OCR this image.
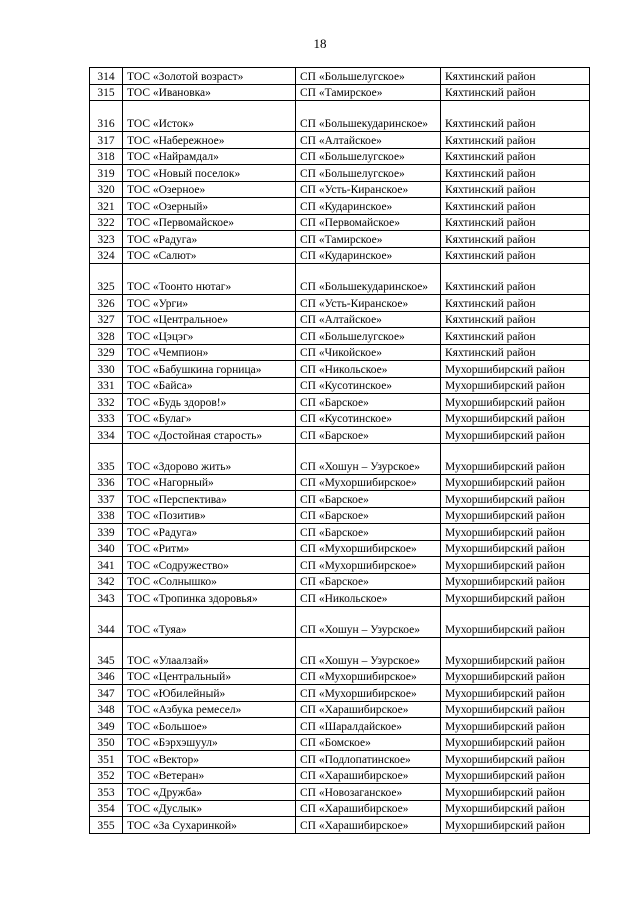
18
314	ТОС «Золотой возраст»	СП «Большелугское»	Кяхтинский район
315	ТОС «Ивановка»	СП «Тамирское»	Кяхтинский район
316	ТОС «Исток»	СП «Большекударинское»	Кяхтинский район
317	ТОС «Набережное»	СП «Алтайское»	Кяхтинский район
318	ТОС «Найрамдал»	СП «Большелугское»	Кяхтинский район
319	ТОС «Новый поселок»	СП «Большелугское»	Кяхтинский район
320	ТОС «Озерное»	СП «Усть-Киранское»	Кяхтинский район
321	ТОС «Озерный»	СП «Кударинское»	Кяхтинский район
322	ТОС «Первомайское»	СП «Первомайское»	Кяхтинский район
323	ТОС «Радуга»	СП «Тамирское»	Кяхтинский район
324	ТОС «Салют»	СП «Кударинское»	Кяхтинский район
325	ТОС «Тоонто нютаг»	СП «Большекударинское»	Кяхтинский район
326	ТОС «Урги»	СП «Усть-Киранское»	Кяхтинский район
327	ТОС «Центральное»	СП «Алтайское»	Кяхтинский район
328	ТОС «Цэцэг»	СП «Большелугское»	Кяхтинский район
329	ТОС «Чемпион»	СП «Чикойское»	Кяхтинский район
330	ТОС «Бабушкина горница»	СП «Никольское»	Мухоршибирский район
331	ТОС «Байса»	СП «Кусотинское»	Мухоршибирский район
332	ТОС «Будь здоров!»	СП «Барское»	Мухоршибирский район
333	ТОС «Булаг»	СП «Кусотинское»	Мухоршибирский район
334	ТОС «Достойная старость»	СП «Барское»	Мухоршибирский район
335	ТОС «Здорово жить»	СП «Хошун – Узурское»	Мухоршибирский район
336	ТОС «Нагорный»	СП «Мухоршибирское»	Мухоршибирский район
337	ТОС «Перспектива»	СП «Барское»	Мухоршибирский район
338	ТОС «Позитив»	СП «Барское»	Мухоршибирский район
339	ТОС «Радуга»	СП «Барское»	Мухоршибирский район
340	ТОС «Ритм»	СП «Мухоршибирское»	Мухоршибирский район
341	ТОС «Содружество»	СП «Мухоршибирское»	Мухоршибирский район
342	ТОС «Солнышко»	СП «Барское»	Мухоршибирский район
343	ТОС «Тропинка здоровья»	СП «Никольское»	Мухоршибирский район
344	ТОС «Туяа»	СП «Хошун – Узурское»	Мухоршибирский район
345	ТОС «Улаалзай»	СП «Хошун – Узурское»	Мухоршибирский район
346	ТОС «Центральный»	СП «Мухоршибирское»	Мухоршибирский район
347	ТОС «Юбилейный»	СП «Мухоршибирское»	Мухоршибирский район
348	ТОС «Азбука ремесел»	СП «Харашибирское»	Мухоршибирский район
349	ТОС «Большое»	СП «Шаралдайское»	Мухоршибирский район
350	ТОС «Бэрхэшуул»	СП «Бомское»	Мухоршибирский район
351	ТОС «Вектор»	СП «Подлопатинское»	Мухоршибирский район
352	ТОС «Ветеран»	СП «Харашибирское»	Мухоршибирский район
353	ТОС «Дружба»	СП «Новозаганское»	Мухоршибирский район
354	ТОС «Дуслык»	СП «Харашибирское»	Мухоршибирский район
355	ТОС «За Сухаринкой»	СП «Харашибирское»	Мухоршибирский район
